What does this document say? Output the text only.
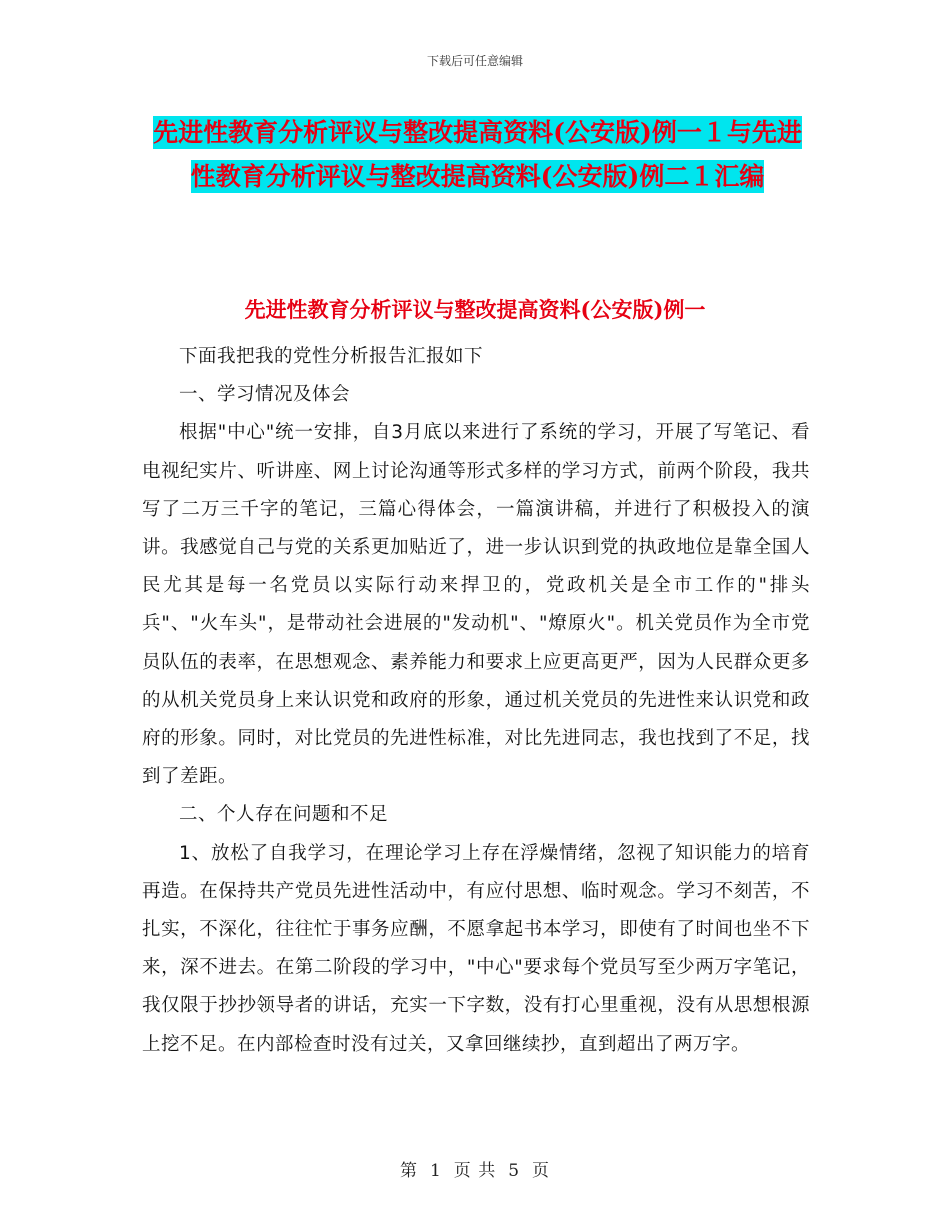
下载后可任意编辑
先进性教育分析评议与整改提高资料(公安版)例一１与先进性教育分析评议与整改提高资料(公安版)例二１汇编
先进性教育分析评议与整改提高资料(公安版)例一

下面我把我的党性分析报告汇报如下

一、学习情况及体会

根据"中心"统一安排，自3月底以来进行了系统的学习，开展了写笔记、看电视纪实片、听讲座、网上讨论沟通等形式多样的学习方式，前两个阶段，我共写了二万三千字的笔记，三篇心得体会，一篇演讲稿，并进行了积极投入的演讲。我感觉自己与党的关系更加贴近了，进一步认识到党的执政地位是靠全国人民尤其是每一名党员以实际行动来捍卫的，党政机关是全市工作的"排头兵"、"火车头"，是带动社会进展的"发动机"、"燎原火"。机关党员作为全市党员队伍的表率，在思想观念、素养能力和要求上应更高更严，因为人民群众更多的从机关党员身上来认识党和政府的形象，通过机关党员的先进性来认识党和政府的形象。同时，对比党员的先进性标准，对比先进同志，我也找到了不足，找到了差距。

二、个人存在问题和不足

1、放松了自我学习，在理论学习上存在浮燥情绪，忽视了知识能力的培育再造。在保持共产党员先进性活动中，有应付思想、临时观念。学习不刻苦，不扎实，不深化，往往忙于事务应酬，不愿拿起书本学习，即使有了时间也坐不下来，深不进去。在第二阶段的学习中，"中心"要求每个党员写至少两万字笔记，我仅限于抄抄领导者的讲话，充实一下字数，没有打心里重视，没有从思想根源上挖不足。在内部检查时没有过关，又拿回继续抄，直到超出了两万字。

第 1 页 共 5 页
